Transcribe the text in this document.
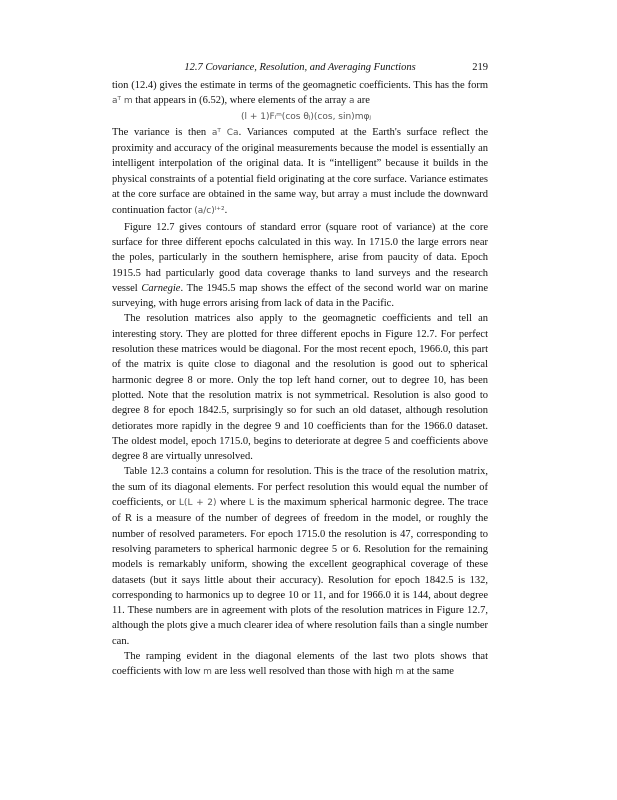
12.7 Covariance, Resolution, and Averaging Functions	219

tion (12.4) gives the estimate in terms of the geomagnetic coefficients. This has the form aᵀ m that appears in (6.52), where elements of the array a are

(l + 1)Fₗᵐ(cos θⱼ)(cos, sin)mφⱼ

The variance is then aᵀ Ca. Variances computed at the Earth's surface reflect the proximity and accuracy of the original measurements because the model is essentially an intelligent interpolation of the original data. It is “intelligent” because it builds in the physical constraints of a potential field originating at the core surface. Variance estimates at the core surface are obtained in the same way, but array a must include the downward continuation factor (a/c)ˡ⁺².

Figure 12.7 gives contours of standard error (square root of variance) at the core surface for three different epochs calculated in this way. In 1715.0 the large errors near the poles, particularly in the southern hemisphere, arise from paucity of data. Epoch 1915.5 had particularly good data coverage thanks to land surveys and the research vessel Carnegie. The 1945.5 map shows the effect of the second world war on marine surveying, with huge errors arising from lack of data in the Pacific.

The resolution matrices also apply to the geomagnetic coefficients and tell an interesting story. They are plotted for three different epochs in Figure 12.7. For perfect resolution these matrices would be diagonal. For the most recent epoch, 1966.0, this part of the matrix is quite close to diagonal and the resolution is good out to spherical harmonic degree 8 or more. Only the top left hand corner, out to degree 10, has been plotted. Note that the resolution matrix is not symmetrical. Resolution is also good to degree 8 for epoch 1842.5, surprisingly so for such an old dataset, although resolution detiorates more rapidly in the degree 9 and 10 coefficients than for the 1966.0 dataset. The oldest model, epoch 1715.0, begins to deteriorate at degree 5 and coefficients above degree 8 are virtually unresolved.

Table 12.3 contains a column for resolution. This is the trace of the resolution matrix, the sum of its diagonal elements. For perfect resolution this would equal the number of coefficients, or L(L + 2) where L is the maximum spherical harmonic degree. The trace of R is a measure of the number of degrees of freedom in the model, or roughly the number of resolved parameters. For epoch 1715.0 the resolution is 47, corresponding to resolving parameters to spherical harmonic degree 5 or 6. Resolution for the remaining models is remarkably uniform, showing the excellent geographical coverage of these datasets (but it says little about their accuracy). Resolution for epoch 1842.5 is 132, corresponding to harmonics up to degree 10 or 11, and for 1966.0 it is 144, about degree 11. These numbers are in agreement with plots of the resolution matrices in Figure 12.7, although the plots give a much clearer idea of where resolution fails than a single number can.

The ramping evident in the diagonal elements of the last two plots shows that coefficients with low m are less well resolved than those with high m at the same
